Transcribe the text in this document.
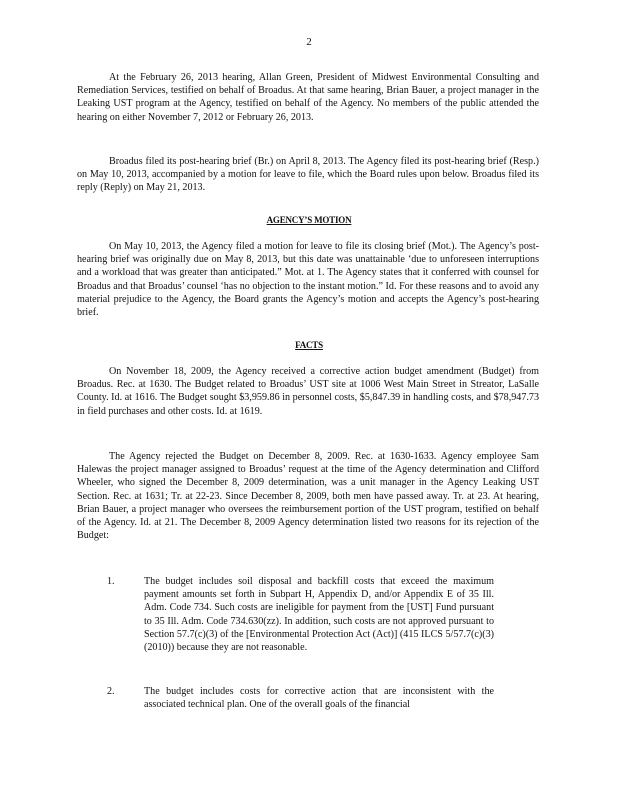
2

At the February 26, 2013 hearing, Allan Green, President of Midwest Environmental Consulting and Remediation Services, testified on behalf of Broadus. At that same hearing, Brian Bauer, a project manager in the Leaking UST program at the Agency, testified on behalf of the Agency. No members of the public attended the hearing on either November 7, 2012 or February 26, 2013.

Broadus filed its post-hearing brief (Br.) on April 8, 2013. The Agency filed its post-hearing brief (Resp.) on May 10, 2013, accompanied by a motion for leave to file, which the Board rules upon below. Broadus filed its reply (Reply) on May 21, 2013.

AGENCY’S MOTION

On May 10, 2013, the Agency filed a motion for leave to file its closing brief (Mot.). The Agency’s post-hearing brief was originally due on May 8, 2013, but this date was unattainable ‘due to unforeseen interruptions and a workload that was greater than anticipated.” Mot. at 1. The Agency states that it conferred with counsel for Broadus and that Broadus’ counsel ‘has no objection to the instant motion.” Id. For these reasons and to avoid any material prejudice to the Agency, the Board grants the Agency’s motion and accepts the Agency’s post-hearing brief.

FACTS

On November 18, 2009, the Agency received a corrective action budget amendment (Budget) from Broadus. Rec. at 1630. The Budget related to Broadus’ UST site at 1006 West Main Street in Streator, LaSalle County. Id. at 1616. The Budget sought $3,959.86 in personnel costs, $5,847.39 in handling costs, and $78,947.73 in field purchases and other costs. Id. at 1619.

The Agency rejected the Budget on December 8, 2009. Rec. at 1630-1633. Agency employee Sam Halewas the project manager assigned to Broadus’ request at the time of the Agency determination and Clifford Wheeler, who signed the December 8, 2009 determination, was a unit manager in the Agency Leaking UST Section. Rec. at 1631; Tr. at 22-23. Since December 8, 2009, both men have passed away. Tr. at 23. At hearing, Brian Bauer, a project manager who oversees the reimbursement portion of the UST program, testified on behalf of the Agency. Id. at 21. The December 8, 2009 Agency determination listed two reasons for its rejection of the Budget:

1.	The budget includes soil disposal and backfill costs that exceed the maximum payment amounts set forth in Subpart H, Appendix D, and/or Appendix E of 35 Ill. Adm. Code 734. Such costs are ineligible for payment from the [UST] Fund pursuant to 35 Ill. Adm. Code 734.630(zz). In addition, such costs are not approved pursuant to Section 57.7(c)(3) of the [Environmental Protection Act (Act)] (415 ILCS 5/57.7(c)(3) (2010)) because they are not reasonable.
2.	The budget includes costs for corrective action that are inconsistent with the associated technical plan. One of the overall goals of the financial
